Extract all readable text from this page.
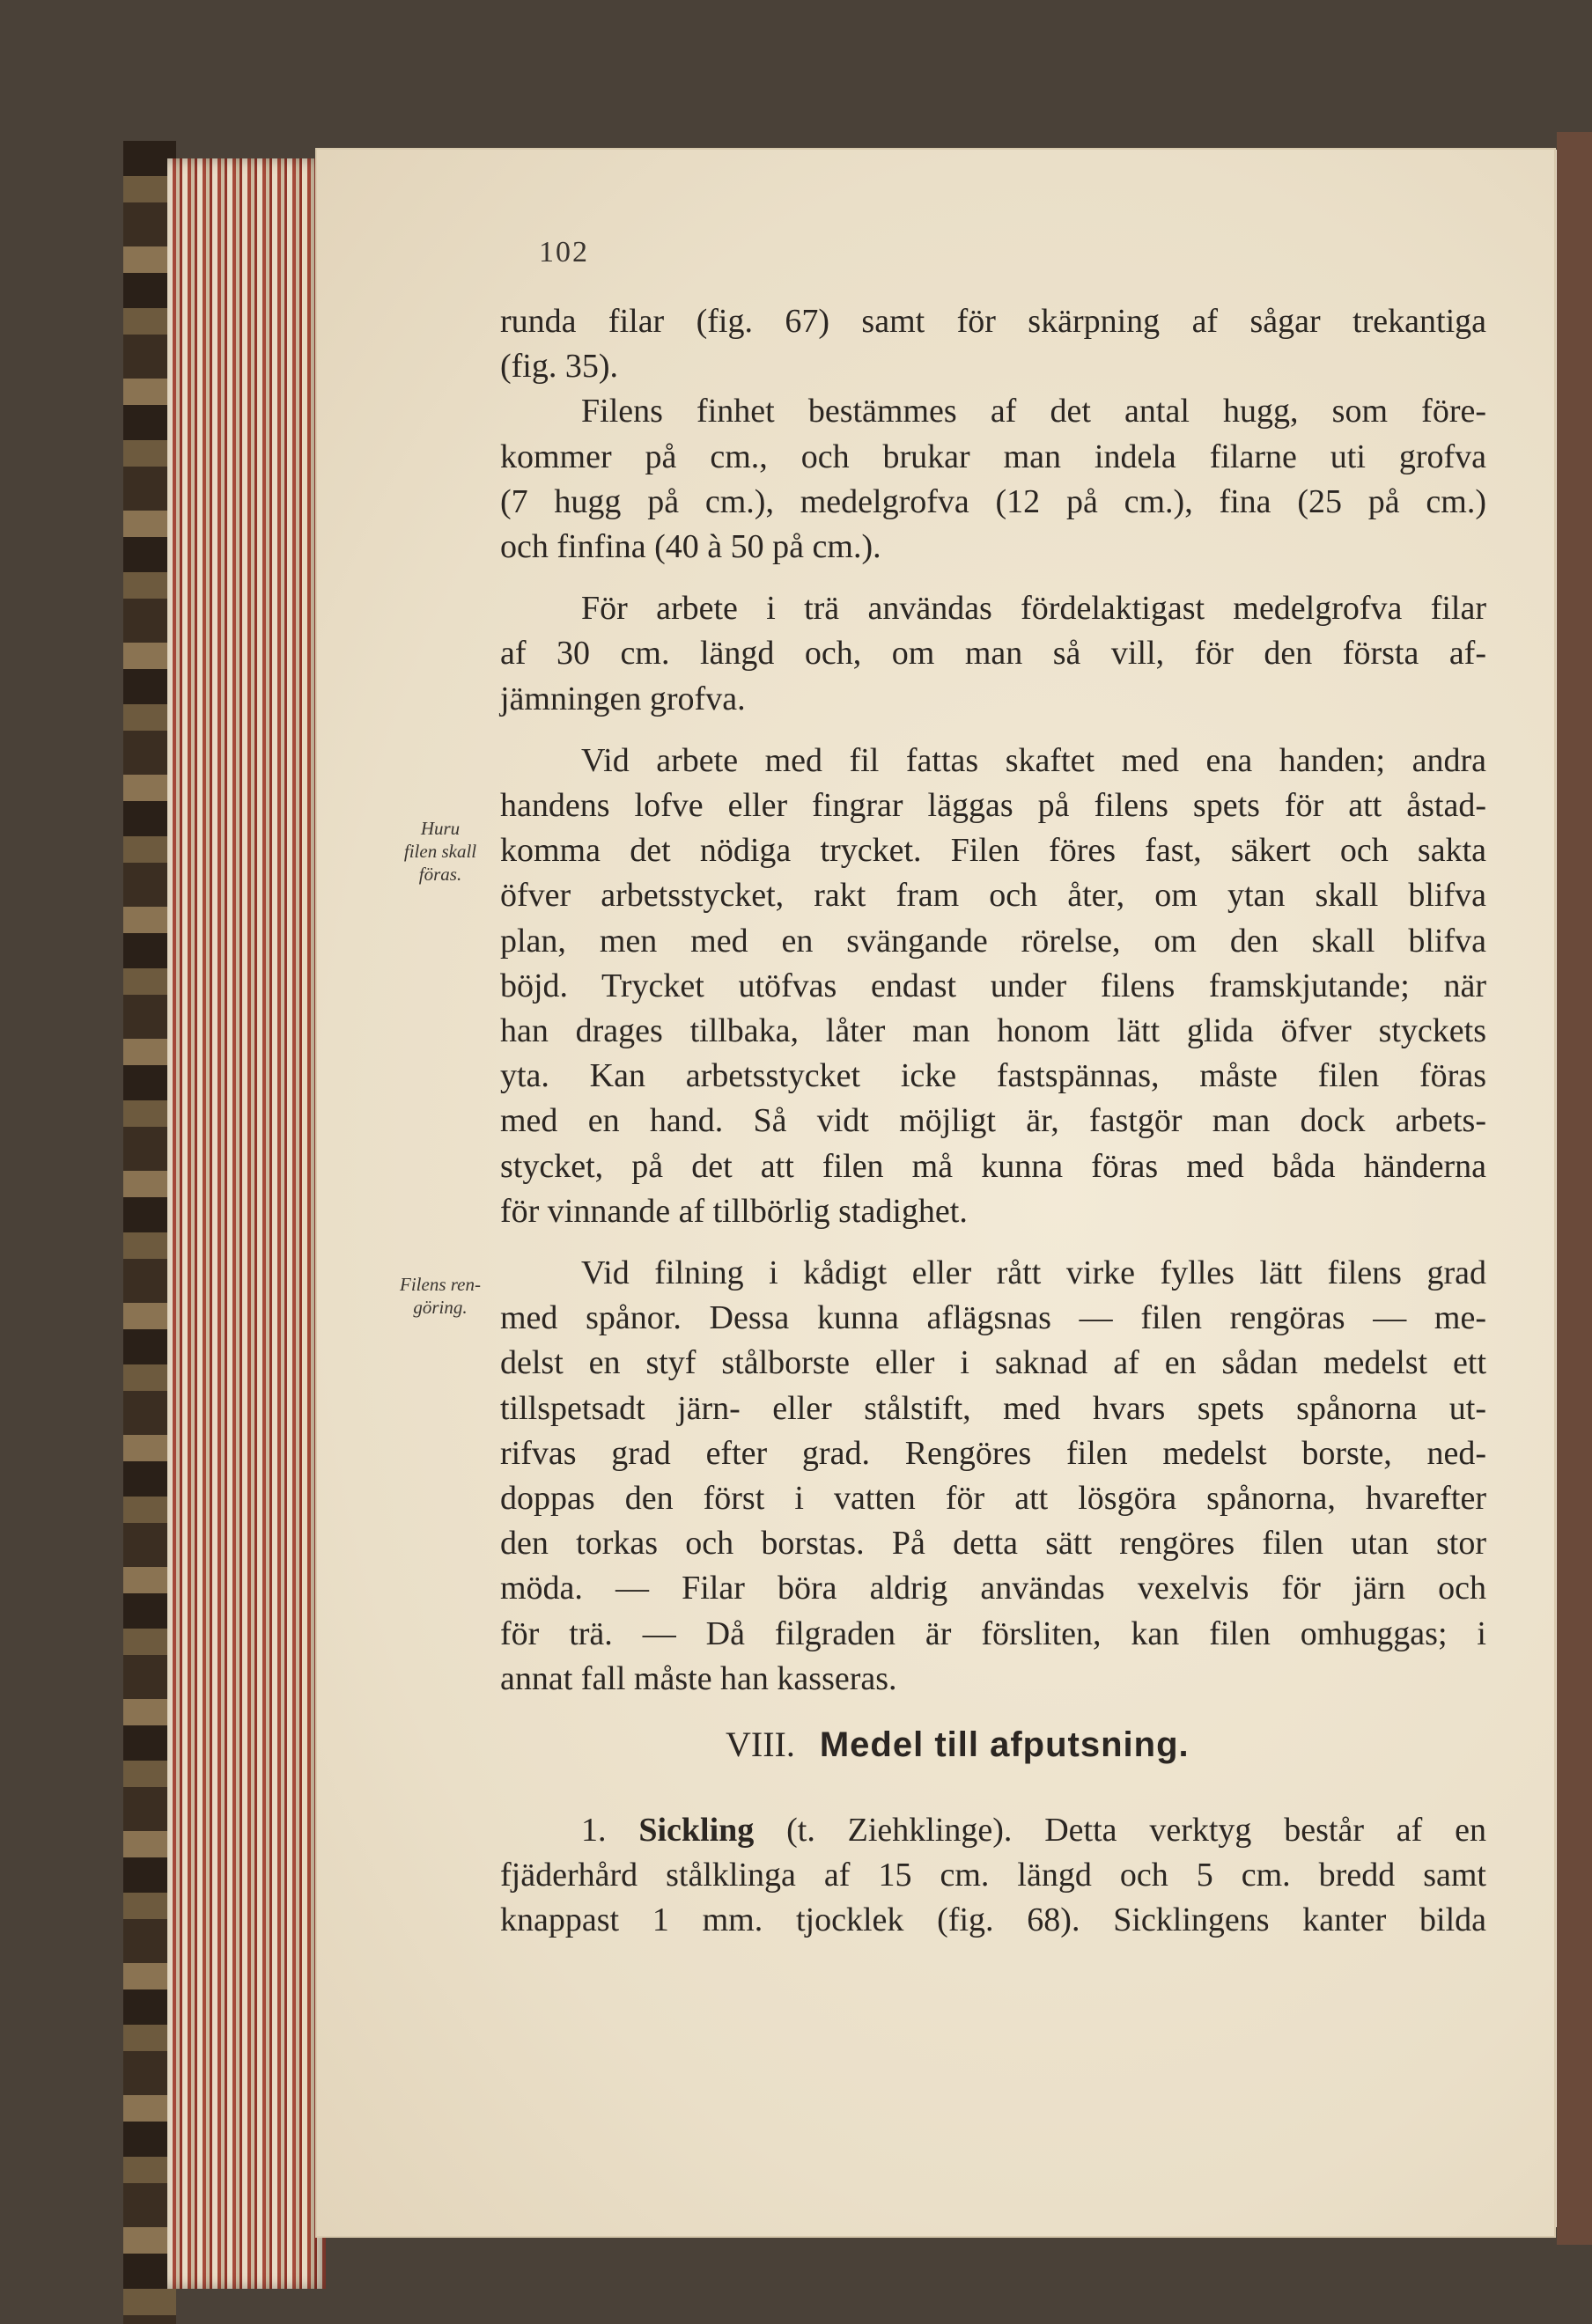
102
Huru
filen skall
föras.
Filens ren-
göring.

runda filar (fig. 67) samt för skärpning af sågar trekantiga
(fig. 35).

Filens finhet bestämmes af det antal hugg, som före-
kommer på cm., och brukar man indela filarne uti grofva
(7 hugg på cm.), medelgrofva (12 på cm.), fina (25 på cm.)
och finfina (40 à 50 på cm.).

För arbete i trä användas fördelaktigast medelgrofva filar
af 30 cm. längd och, om man så vill, för den första af-
jämningen grofva.

Vid arbete med fil fattas skaftet med ena handen; andra
handens lofve eller fingrar läggas på filens spets för att åstad-
komma det nödiga trycket. Filen föres fast, säkert och sakta
öfver arbetsstycket, rakt fram och åter, om ytan skall blifva
plan, men med en svängande rörelse, om den skall blifva
böjd. Trycket utöfvas endast under filens framskjutande; när
han drages tillbaka, låter man honom lätt glida öfver styckets
yta. Kan arbetsstycket icke fastspännas, måste filen föras
med en hand. Så vidt möjligt är, fastgör man dock arbets-
stycket, på det att filen må kunna föras med båda händerna
för vinnande af tillbörlig stadighet.

Vid filning i kådigt eller rått virke fylles lätt filens grad
med spånor. Dessa kunna aflägsnas — filen rengöras — me-
delst en styf stålborste eller i saknad af en sådan medelst ett
tillspetsadt järn- eller stålstift, med hvars spets spånorna ut-
rifvas grad efter grad. Rengöres filen medelst borste, ned-
doppas den först i vatten för att lösgöra spånorna, hvarefter
den torkas och borstas. På detta sätt rengöres filen utan stor
möda. — Filar böra aldrig användas vexelvis för järn och
för trä. — Då filgraden är försliten, kan filen omhuggas; i
annat fall måste han kasseras.

VIII. Medel till afputsning.
1. Sickling (t. Ziehklinge). Detta verktyg består af en
fjäderhård stålklinga af 15 cm. längd och 5 cm. bredd samt
knappast 1 mm. tjocklek (fig. 68). Sicklingens kanter bilda
